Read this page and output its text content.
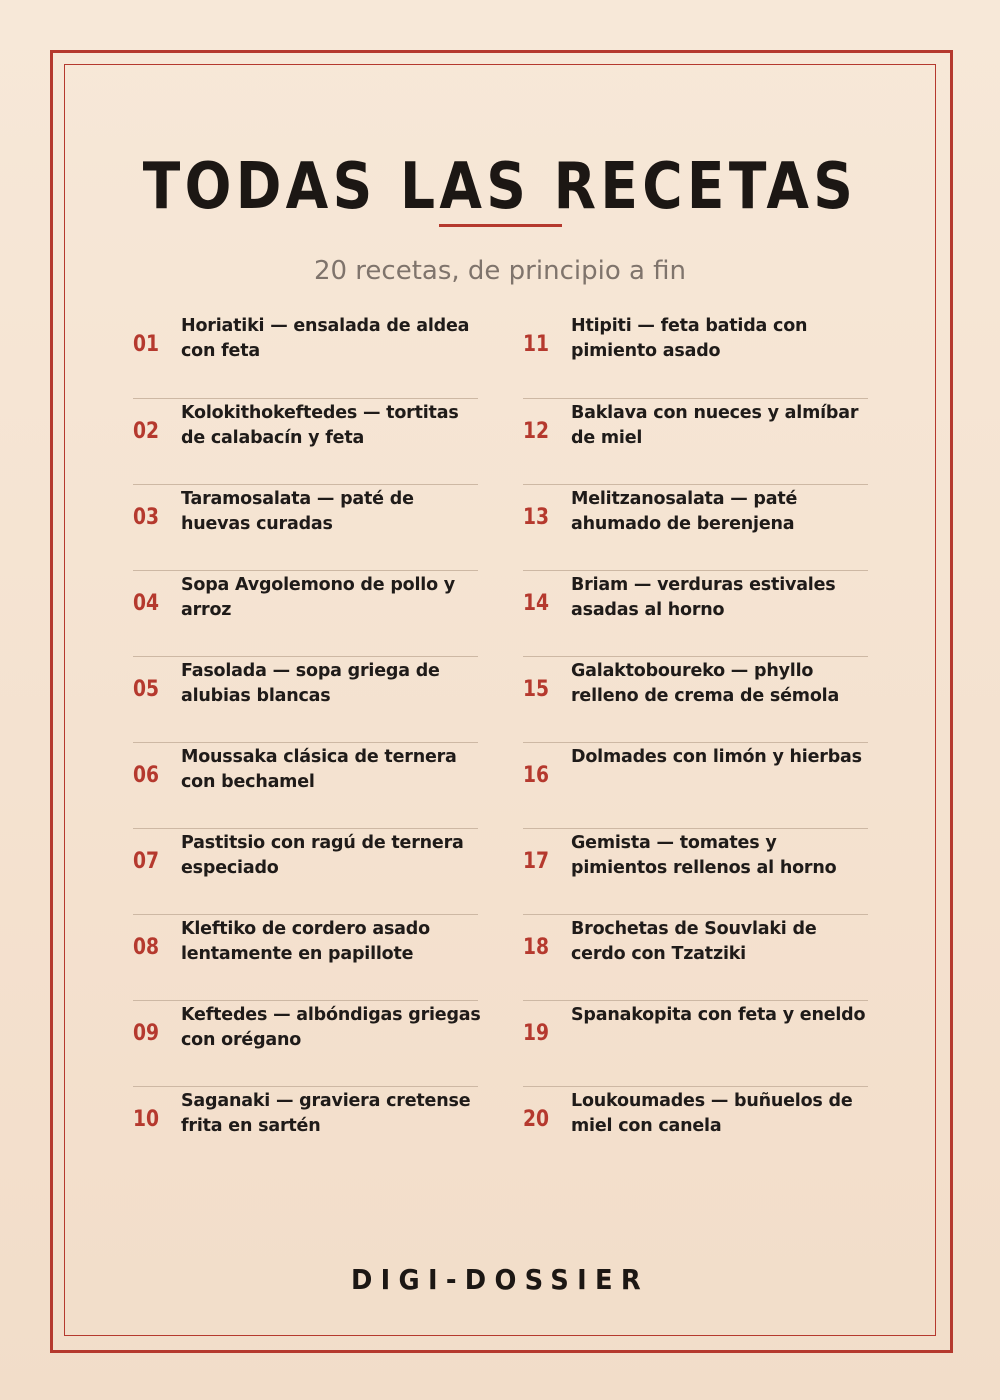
TODAS LAS RECETAS
20 recetas, de principio a fin
01
Horiatiki — ensalada de aldea con feta
02
Kolokithokeftedes — tortitas de calabacín y feta
03
Taramosalata — paté de huevas curadas
04
Sopa Avgolemono de pollo y arroz
05
Fasolada — sopa griega de alubias blancas
06
Moussaka clásica de ternera con bechamel
07
Pastitsio con ragú de ternera especiado
08
Kleftiko de cordero asado lentamente en papillote
09
Keftedes — albóndigas griegas con orégano
10
Saganaki — graviera cretense frita en sartén
11
Htipiti — feta batida con pimiento asado
12
Baklava con nueces y almíbar de miel
13
Melitzanosalata — paté ahumado de berenjena
14
Briam — verduras estivales asadas al horno
15
Galaktoboureko — phyllo relleno de crema de sémola
16
Dolmades con limón y hierbas
17
Gemista — tomates y pimientos rellenos al horno
18
Brochetas de Souvlaki de cerdo con Tzatziki
19
Spanakopita con feta y eneldo
20
Loukoumades — buñuelos de miel con canela
DIGI-DOSSIER
